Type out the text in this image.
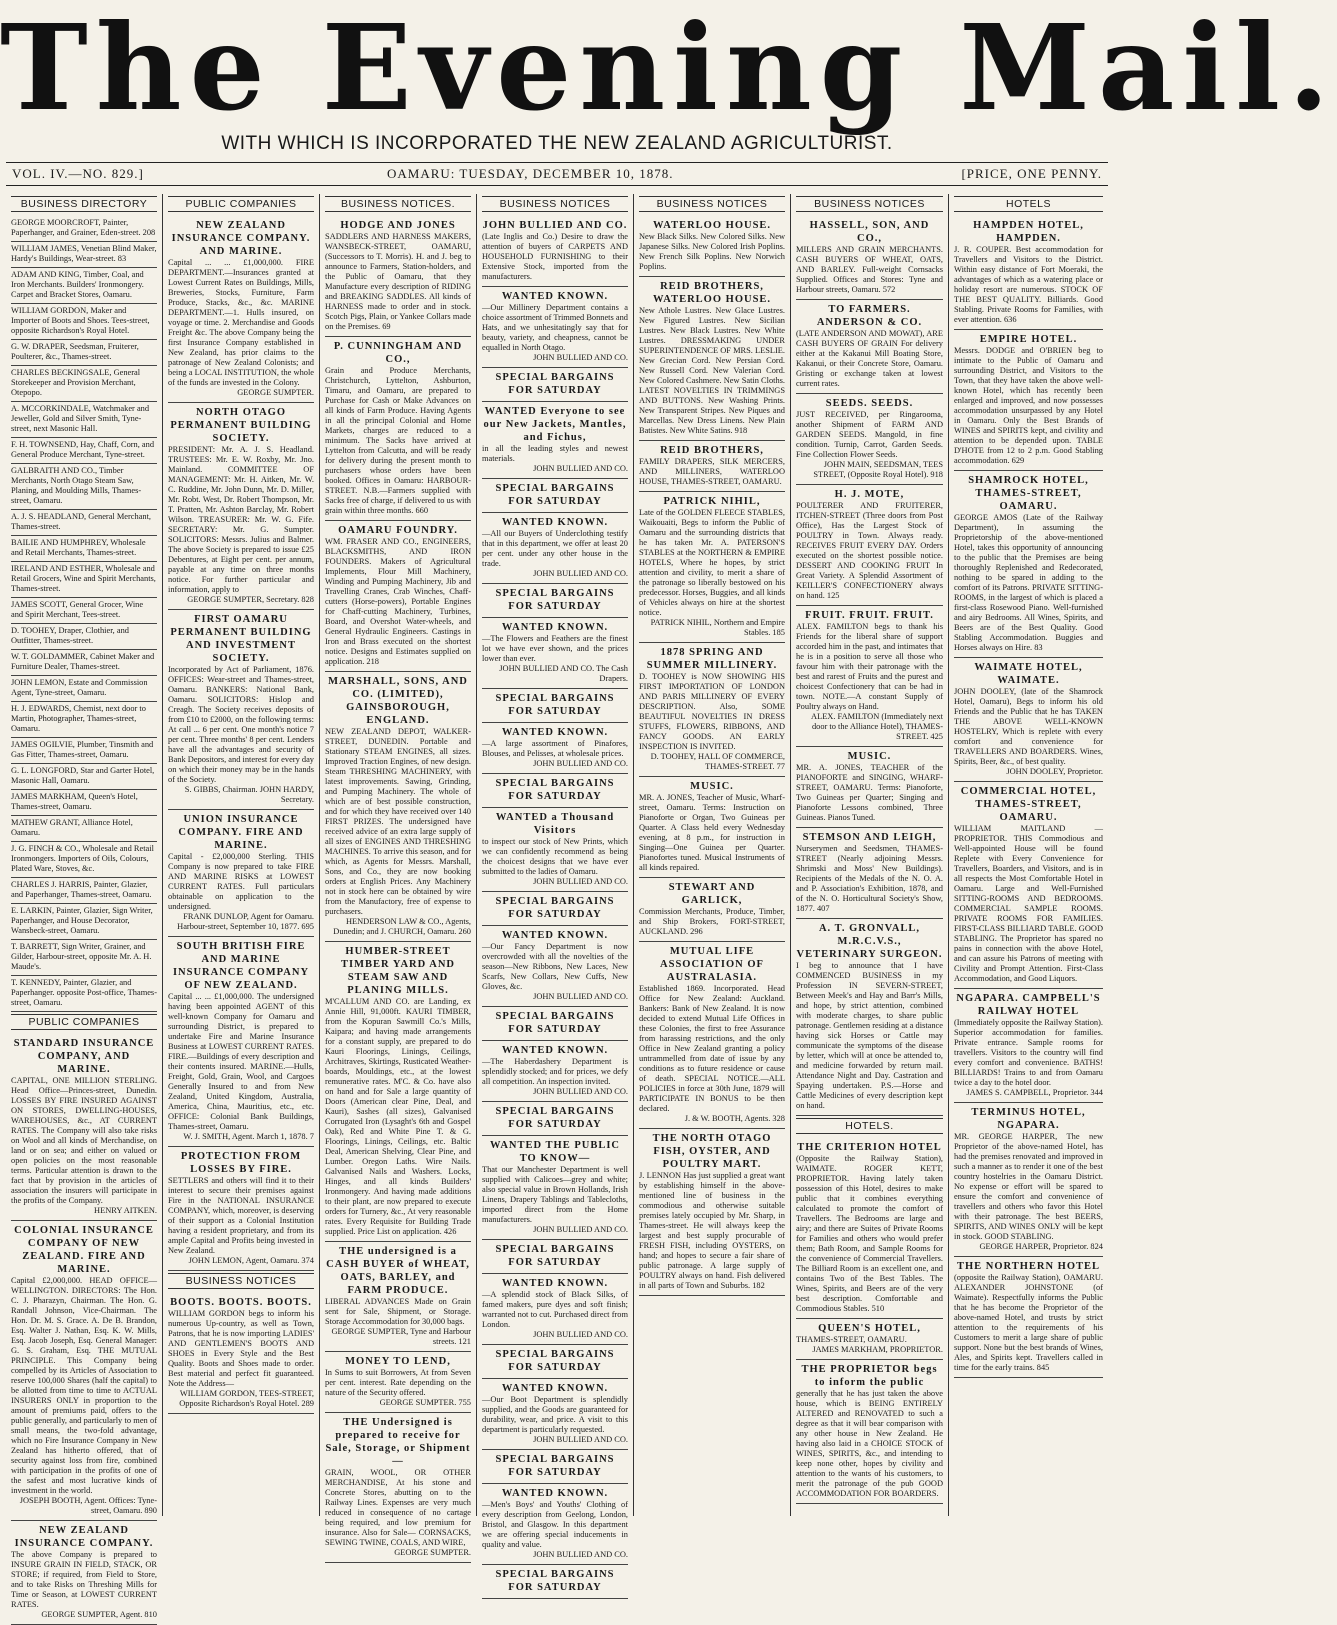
The Evening Mail.
WITH WHICH IS INCORPORATED THE NEW ZEALAND AGRICULTURIST.
VOL. IV.—NO. 829.]	OAMARU: TUESDAY, DECEMBER 10, 1878.	[PRICE, ONE PENNY.
BUSINESS DIRECTORY

GEORGE MOORCROFT, Painter, Paperhanger, and Grainer, Eden-street. 208

WILLIAM JAMES, Venetian Blind Maker, Hardy's Buildings, Wear-street. 83

ADAM AND KING, Timber, Coal, and Iron Merchants. Builders' Ironmongery. Carpet and Bracket Stores, Oamaru.

WILLIAM GORDON, Maker and Importer of Boots and Shoes. Tees-street, opposite Richardson's Royal Hotel.

G. W. DRAPER, Seedsman, Fruiterer, Poulterer, &c., Thames-street.

CHARLES BECKINGSALE, General Storekeeper and Provision Merchant, Otepopo.

A. MCCORKINDALE, Watchmaker and Jeweller, Gold and Silver Smith, Tyne-street, next Masonic Hall.

F. H. TOWNSEND, Hay, Chaff, Corn, and General Produce Merchant, Tyne-street.

GALBRAITH AND CO., Timber Merchants, North Otago Steam Saw, Planing, and Moulding Mills, Thames-street, Oamaru.

A. J. S. HEADLAND, General Merchant, Thames-street.

BAILIE AND HUMPHREY, Wholesale and Retail Merchants, Thames-street.

IRELAND AND ESTHER, Wholesale and Retail Grocers, Wine and Spirit Merchants, Thames-street.

JAMES SCOTT, General Grocer, Wine and Spirit Merchant, Tees-street.

D. TOOHEY, Draper, Clothier, and Outfitter, Thames-street.

W. T. GOLDAMMER, Cabinet Maker and Furniture Dealer, Thames-street.

JOHN LEMON, Estate and Commission Agent, Tyne-street, Oamaru.

H. J. EDWARDS, Chemist, next door to Martin, Photographer, Thames-street, Oamaru.

JAMES OGILVIE, Plumber, Tinsmith and Gas Fitter, Thames-street, Oamaru.

G. L. LONGFORD, Star and Garter Hotel, Masonic Hall, Oamaru.

JAMES MARKHAM, Queen's Hotel, Thames-street, Oamaru.

MATHEW GRANT, Alliance Hotel, Oamaru.

J. G. FINCH & CO., Wholesale and Retail Ironmongers. Importers of Oils, Colours, Plated Ware, Stoves, &c.

CHARLES J. HARRIS, Painter, Glazier, and Paperhanger, Thames-street, Oamaru.

E. LARKIN, Painter, Glazier, Sign Writer, Paperhanger, and House Decorator, Wansbeck-street, Oamaru.

T. BARRETT, Sign Writer, Grainer, and Gilder, Harbour-street, opposite Mr. A. H. Maude's.

T. KENNEDY, Painter, Glazier, and Paperhanger. opposite Post-office, Thames-street, Oamaru.

PUBLIC COMPANIES
STANDARD INSURANCE COMPANY, AND MARINE.
CAPITAL, ONE MILLION STERLING. Head Office—Princes-street, Dunedin. LOSSES BY FIRE INSURED AGAINST ON STORES, DWELLING-HOUSES, WAREHOUSES, &c., AT CURRENT RATES. The Company will also take risks on Wool and all kinds of Merchandise, on land or on sea; and either on valued or open policies on the most reasonable terms. Particular attention is drawn to the fact that by provision in the articles of association the insurers will participate in the profits of the Company.
HENRY AITKEN.
COLONIAL INSURANCE COMPANY OF NEW ZEALAND. FIRE AND MARINE.
Capital £2,000,000. HEAD OFFICE—WELLINGTON. DIRECTORS: The Hon. C. J. Pharazyn, Chairman. The Hon. G. Randall Johnson, Vice-Chairman. The Hon. Dr. M. S. Grace. A. De B. Brandon, Esq. Walter J. Nathan, Esq. K. W. Mills, Esq. Jacob Joseph, Esq. General Manager: G. S. Graham, Esq. THE MUTUAL PRINCIPLE. This Company being compelled by its Articles of Association to reserve 100,000 Shares (half the capital) to be allotted from time to time to ACTUAL INSURERS ONLY in proportion to the amount of premiums paid, offers to the public generally, and particularly to men of small means, the two-fold advantage, which no Fire Insurance Company in New Zealand has hitherto offered, that of security against loss from fire, combined with participation in the profits of one of the safest and most lucrative kinds of investment in the world.
JOSEPH BOOTH, Agent. Offices: Tyne-street, Oamaru. 890
NEW ZEALAND INSURANCE COMPANY.
The above Company is prepared to INSURE GRAIN IN FIELD, STACK, OR STORE; if required, from Field to Store, and to take Risks on Threshing Mills for Time or Season, at LOWEST CURRENT RATES.
GEORGE SUMPTER, Agent. 810
PUBLIC COMPANIES
NEW ZEALAND INSURANCE COMPANY. AND MARINE.
Capital ... ... £1,000,000. FIRE DEPARTMENT.—Insurances granted at Lowest Current Rates on Buildings, Mills, Breweries, Stocks, Furniture, Farm Produce, Stacks, &c., &c. MARINE DEPARTMENT.—1. Hulls insured, on voyage or time. 2. Merchandise and Goods Freight &c. The above Company being the first Insurance Company established in New Zealand, has prior claims to the patronage of New Zealand Colonists; and being a LOCAL INSTITUTION, the whole of the funds are invested in the Colony.
GEORGE SUMPTER.
NORTH OTAGO PERMANENT BUILDING SOCIETY.
PRESIDENT: Mr. A. J. S. Headland. TRUSTEES: Mr. E. W. Roxby, Mr. Jno. Mainland. COMMITTEE OF MANAGEMENT: Mr. H. Aitken, Mr. W. C. Ruddine, Mr. John Dunn, Mr. D. Miller, Mr. Robt. West, Dr. Robert Thompson, Mr. T. Pratten, Mr. Ashton Barclay, Mr. Robert Wilson. TREASURER: Mr. W. G. Fife. SECRETARY: Mr. G. Sumpter. SOLICITORS: Messrs. Julius and Balmer. The above Society is prepared to issue £25 Debentures, at Eight per cent. per annum, payable at any time on three months notice. For further particular and information, apply to
GEORGE SUMPTER, Secretary. 828
FIRST OAMARU PERMANENT BUILDING AND INVESTMENT SOCIETY.
Incorporated by Act of Parliament, 1876. OFFICES: Wear-street and Thames-street, Oamaru. BANKERS: National Bank, Oamaru. SOLICITORS: Hislop and Creagh. The Society receives deposits of from £10 to £2000, on the following terms: At call ... 6 per cent. One month's notice 7 per cent. Three months' 8 per cent. Lenders have all the advantages and security of Bank Depositors, and interest for every day on which their money may be in the hands of the Society.
S. GIBBS, Chairman. JOHN HARDY, Secretary.
UNION INSURANCE COMPANY. FIRE AND MARINE.
Capital - £2,000,000 Sterling. THIS Company is now prepared to take FIRE AND MARINE RISKS at LOWEST CURRENT RATES. Full particulars obtainable on application to the undersigned.
FRANK DUNLOP, Agent for Oamaru. Harbour-street, September 10, 1877. 695
SOUTH BRITISH FIRE AND MARINE INSURANCE COMPANY OF NEW ZEALAND.
Capital ... ... £1,000,000. The undersigned having been appointed AGENT of this well-known Company for Oamaru and surrounding District, is prepared to undertake Fire and Marine Insurance Business at LOWEST CURRENT RATES. FIRE.—Buildings of every description and their contents insured. MARINE.—Hulls, Freight, Gold, Grain, Wool, and Cargoes Generally Insured to and from New Zealand, United Kingdom, Australia, America, China, Mauritius, etc., etc. OFFICE: Colonial Bank Buildings, Thames-street, Oamaru.
W. J. SMITH, Agent. March 1, 1878. 7
PROTECTION FROM LOSSES BY FIRE.
SETTLERS and others will find it to their interest to secure their premises against Fire in the NATIONAL INSURANCE COMPANY, which, moreover, is deserving of their support as a Colonial Institution having a resident proprietary, and from its ample Capital and Profits being invested in New Zealand.
JOHN LEMON, Agent, Oamaru. 374
BUSINESS NOTICES
BOOTS. BOOTS. BOOTS.
WILLIAM GORDON begs to inform his numerous Up-country, as well as Town, Patrons, that he is now importing LADIES' AND GENTLEMEN'S BOOTS AND SHOES in Every Style and the Best Quality. Boots and Shoes made to order. Best material and perfect fit guaranteed. Note the Address—
WILLIAM GORDON, TEES-STREET, Opposite Richardson's Royal Hotel. 289
BUSINESS NOTICES.
HODGE AND JONES
SADDLERS AND HARNESS MAKERS, WANSBECK-STREET, OAMARU, (Successors to T. Morris). H. and J. beg to announce to Farmers, Station-holders, and the Public of Oamaru, that they Manufacture every description of RIDING and BREAKING SADDLES. All kinds of HARNESS made to order and in stock. Scotch Pigs, Plain, or Yankee Collars made on the Premises. 69
P. CUNNINGHAM AND CO.,
Grain and Produce Merchants, Christchurch, Lyttelton, Ashburton, Timaru, and Oamaru, are prepared to Purchase for Cash or Make Advances on all kinds of Farm Produce. Having Agents in all the principal Colonial and Home Markets, charges are reduced to a minimum. The Sacks have arrived at Lyttelton from Calcutta, and will be ready for delivery during the present month to purchasers whose orders have been booked. Offices in Oamaru: HARBOUR-STREET. N.B.—Farmers supplied with Sacks free of charge, if delivered to us with grain within three months. 660
OAMARU FOUNDRY.
WM. FRASER AND CO., ENGINEERS, BLACKSMITHS, AND IRON FOUNDERS. Makers of Agricultural Implements, Flour Mill Machinery, Winding and Pumping Machinery, Jib and Travelling Cranes, Crab Winches, Chaff-cutters (Horse-powers), Portable Engines for Chaff-cutting Machinery, Turbines, Board, and Overshot Water-wheels, and General Hydraulic Engineers. Castings in Iron and Brass executed on the shortest notice. Designs and Estimates supplied on application. 218
MARSHALL, SONS, AND CO. (LIMITED), GAINSBOROUGH, ENGLAND.
NEW ZEALAND DEPOT, WALKER-STREET, DUNEDIN. Portable and Stationary STEAM ENGINES, all sizes. Improved Traction Engines, of new design. Steam THRESHING MACHINERY, with latest improvements. Sawing, Grinding, and Pumping Machinery. The whole of which are of best possible construction, and for which they have received over 140 FIRST PRIZES. The undersigned have received advice of an extra large supply of all sizes of ENGINES AND THRESHING MACHINES. To arrive this season, and for which, as Agents for Messrs. Marshall, Sons, and Co., they are now booking orders at English Prices. Any Machinery not in stock here can be obtained by wire from the Manufactory, free of expense to purchasers.
HENDERSON LAW & CO., Agents, Dunedin; and J. CHURCH, Oamaru. 260
HUMBER-STREET TIMBER YARD AND STEAM SAW AND PLANING MILLS.
M'CALLUM AND CO. are Landing, ex Annie Hill, 91,000ft. KAURI TIMBER, from the Kopuran Sawmill Co.'s Mills, Kaipara; and having made arrangements for a constant supply, are prepared to do Kauri Floorings, Linings, Ceilings, Architraves, Skirtings, Rusticated Weather-boards, Mouldings, etc., at the lowest remunerative rates. M'C. & Co. have also on hand and for Sale a large quantity of Doors (American clear Pine, Deal, and Kauri), Sashes (all sizes), Galvanised Corrugated Iron (Lysaght's 6th and Gospel Oak), Red and White Pine T. & G. Floorings, Linings, Ceilings, etc. Baltic Deal, American Shelving, Clear Pine, and Lumber. Oregon Laths. Wire Nails. Galvanised Nails and Washers. Locks, Hinges, and all kinds Builders' Ironmongery. And having made additions to their plant, are now prepared to execute orders for Turnery, &c., At very reasonable rates. Every Requisite for Building Trade supplied. Price List on application. 426
THE undersigned is a CASH BUYER of WHEAT, OATS, BARLEY, and FARM PRODUCE.
LIBERAL ADVANCES Made on Grain sent for Sale, Shipment, or Storage. Storage Accommodation for 30,000 bags.
GEORGE SUMPTER, Tyne and Harbour streets. 121
MONEY TO LEND,
In Sums to suit Borrowers, At from Seven per cent. interest. Rate depending on the nature of the Security offered.
GEORGE SUMPTER. 755
THE Undersigned is prepared to receive for Sale, Storage, or Shipment—
GRAIN, WOOL, OR OTHER MERCHANDISE, At his stone and Concrete Stores, abutting on to the Railway Lines. Expenses are very much reduced in consequence of no cartage being required, and low premium for insurance. Also for Sale— CORNSACKS, SEWING TWINE, COALS, AND WIRE,
GEORGE SUMPTER.
BUSINESS NOTICES
JOHN BULLIED AND CO.
(Late Inglis and Co.) Desire to draw the attention of buyers of CARPETS AND HOUSEHOLD FURNISHING to their Extensive Stock, imported from the manufacturers.
WANTED KNOWN.
—Our Millinery Department contains a choice assortment of Trimmed Bonnets and Hats, and we unhesitatingly say that for beauty, variety, and cheapness, cannot be equalled in North Otago.
JOHN BULLIED AND CO.
SPECIAL BARGAINS FOR SATURDAY
WANTED Everyone to see our New Jackets, Mantles, and Fichus,
in all the leading styles and newest materials.
JOHN BULLIED AND CO.
SPECIAL BARGAINS FOR SATURDAY
WANTED KNOWN.
—All our Buyers of Underclothing testify that in this department, we offer at least 20 per cent. under any other house in the trade.
JOHN BULLIED AND CO.
SPECIAL BARGAINS FOR SATURDAY
WANTED KNOWN.
—The Flowers and Feathers are the finest lot we have ever shown, and the prices lower than ever.
JOHN BULLIED AND CO. The Cash Drapers.
SPECIAL BARGAINS FOR SATURDAY
WANTED KNOWN.
—A large assortment of Pinafores, Blouses, and Pelisses, at wholesale prices.
JOHN BULLIED AND CO.
SPECIAL BARGAINS FOR SATURDAY
WANTED a Thousand Visitors
to inspect our stock of New Prints, which we can confidently recommend as being the choicest designs that we have ever submitted to the ladies of Oamaru.
JOHN BULLIED AND CO.
SPECIAL BARGAINS FOR SATURDAY
WANTED KNOWN.
—Our Fancy Department is now overcrowded with all the novelties of the season—New Ribbons, New Laces, New Scarfs, New Collars, New Cuffs, New Gloves, &c.
JOHN BULLIED AND CO.
SPECIAL BARGAINS FOR SATURDAY
WANTED KNOWN.
—The Haberdashery Department is splendidly stocked; and for prices, we defy all competition. An inspection invited.
JOHN BULLIED AND CO.
SPECIAL BARGAINS FOR SATURDAY
WANTED THE PUBLIC TO KNOW—
That our Manchester Department is well supplied with Calicoes—grey and white; also special value in Brown Hollands, Irish Linens, Drapery Tablings and Tablecloths, imported direct from the Home manufacturers.
JOHN BULLIED AND CO.
SPECIAL BARGAINS FOR SATURDAY
WANTED KNOWN.
—A splendid stock of Black Silks, of famed makers, pure dyes and soft finish; warranted not to cut. Purchased direct from London.
JOHN BULLIED AND CO.
SPECIAL BARGAINS FOR SATURDAY
WANTED KNOWN.
—Our Boot Department is splendidly supplied, and the Goods are guaranteed for durability, wear, and price. A visit to this department is particularly requested.
JOHN BULLIED AND CO.
SPECIAL BARGAINS FOR SATURDAY
WANTED KNOWN.
—Men's Boys' and Youths' Clothing of every description from Geelong, London, Bristol, and Glasgow. In this department we are offering special inducements in quality and value.
JOHN BULLIED AND CO.
SPECIAL BARGAINS FOR SATURDAY
BUSINESS NOTICES
WATERLOO HOUSE.
New Black Silks. New Colored Silks. New Japanese Silks. New Colored Irish Poplins. New French Silk Poplins. New Norwich Poplins.
REID BROTHERS, WATERLOO HOUSE.
New Athole Lustres. New Glace Lustres. New Figured Lustres. New Sicilian Lustres. New Black Lustres. New White Lustres. DRESSMAKING UNDER SUPERINTENDENCE OF MRS. LESLIE. New Grecian Cord. New Persian Cord. New Russell Cord. New Valerian Cord. New Colored Cashmere. New Satin Cloths. LATEST NOVELTIES IN TRIMMINGS AND BUTTONS. New Washing Prints. New Transparent Stripes. New Piques and Marcellas. New Dress Linens. New Plain Batistes. New White Satins. 918
REID BROTHERS,
FAMILY DRAPERS, SILK MERCERS, AND MILLINERS, WATERLOO HOUSE, THAMES-STREET, OAMARU.
PATRICK NIHIL,
Late of the GOLDEN FLEECE STABLES, Waikouaiti, Begs to inform the Public of Oamaru and the surrounding districts that he has taken Mr. A. PATERSON'S STABLES at the NORTHERN & EMPIRE HOTELS, Where he hopes, by strict attention and civility, to merit a share of the patronage so liberally bestowed on his predecessor. Horses, Buggies, and all kinds of Vehicles always on hire at the shortest notice.
PATRICK NIHIL, Northern and Empire Stables. 185
1878 SPRING AND SUMMER MILLINERY.
D. TOOHEY is NOW SHOWING HIS FIRST IMPORTATION OF LONDON AND PARIS MILLINERY OF EVERY DESCRIPTION. Also, SOME BEAUTIFUL NOVELTIES IN DRESS STUFFS, FLOWERS, RIBBONS, AND FANCY GOODS. AN EARLY INSPECTION IS INVITED.
D. TOOHEY, HALL OF COMMERCE, THAMES-STREET. 77
MUSIC.
MR. A. JONES, Teacher of Music, Wharf-street, Oamaru. Terms: Instruction on Pianoforte or Organ, Two Guineas per Quarter. A Class held every Wednesday evening, at 8 p.m., for instruction in Singing—One Guinea per Quarter. Pianofortes tuned. Musical Instruments of all kinds repaired.
STEWART AND GARLICK,
Commission Merchants, Produce, Timber, and Ship Brokers, FORT-STREET, AUCKLAND. 296
MUTUAL LIFE ASSOCIATION OF AUSTRALASIA.
Established 1869. Incorporated. Head Office for New Zealand: Auckland. Bankers: Bank of New Zealand. It is now decided to extend Mutual Life Offices in these Colonies, the first to free Assurance from harassing restrictions, and the only Office in New Zealand granting a policy untrammelled from date of issue by any conditions as to future residence or cause of death. SPECIAL NOTICE.—ALL POLICIES in force at 30th June, 1879 will PARTICIPATE IN BONUS to be then declared.
J. & W. BOOTH, Agents. 328
THE NORTH OTAGO FISH, OYSTER, AND POULTRY MART.
J. LENNON Has just supplied a great want by establishing himself in the above-mentioned line of business in the commodious and otherwise suitable premises lately occupied by Mr. Sharp, in Thames-street. He will always keep the largest and best supply procurable of FRESH FISH, including OYSTERS, on hand; and hopes to secure a fair share of public patronage. A large supply of POULTRY always on hand. Fish delivered in all parts of Town and Suburbs. 182
BUSINESS NOTICES
HASSELL, SON, AND CO.,
MILLERS AND GRAIN MERCHANTS. CASH BUYERS OF WHEAT, OATS, AND BARLEY. Full-weight Cornsacks Supplied. Offices and Stores: Tyne and Harbour streets, Oamaru. 572
TO FARMERS. ANDERSON & CO.
(LATE ANDERSON AND MOWAT), ARE CASH BUYERS OF GRAIN For delivery either at the Kakanui Mill Boating Store, Kakanui, or their Concrete Store, Oamaru. Gristing or exchange taken at lowest current rates.
SEEDS. SEEDS.
JUST RECEIVED, per Ringarooma, another Shipment of FARM AND GARDEN SEEDS. Mangold, in fine condition. Turnip, Carrot, Garden Seeds. Fine Collection Flower Seeds.
JOHN MAIN, SEEDSMAN, TEES STREET, (Opposite Royal Hotel). 918
H. J. MOTE,
POULTERER AND FRUITERER, ITCHEN-STREET (Three doors from Post Office), Has the Largest Stock of POULTRY in Town. Always ready. RECEIVES FRUIT EVERY DAY. Orders executed on the shortest possible notice. DESSERT AND COOKING FRUIT In Great Variety. A Splendid Assortment of KEILLER'S CONFECTIONERY always on hand. 125
FRUIT. FRUIT. FRUIT.
ALEX. FAMILTON begs to thank his Friends for the liberal share of support accorded him in the past, and intimates that he is in a position to serve all those who favour him with their patronage with the best and rarest of Fruits and the purest and choicest Confectionery that can be had in town. NOTE.—A constant Supply of Poultry always on Hand.
ALEX. FAMILTON (Immediately next door to the Alliance Hotel), THAMES-STREET. 425
MUSIC.
MR. A. JONES, TEACHER of the PIANOFORTE and SINGING, WHARF-STREET, OAMARU. Terms: Pianoforte, Two Guineas per Quarter; Singing and Pianoforte Lessons combined, Three Guineas. Pianos Tuned.
STEMSON AND LEIGH,
Nurserymen and Seedsmen, THAMES-STREET (Nearly adjoining Messrs. Shrimski and Moss' New Buildings). Recipients of the Medals of the N. O. A. and P. Association's Exhibition, 1878, and of the N. O. Horticultural Society's Show, 1877. 407
A. T. GRONVALL, M.R.C.V.S., VETERINARY SURGEON.
I beg to announce that I have COMMENCED BUSINESS in my Profession IN SEVERN-STREET, Between Meek's and Hay and Barr's Mills, and hope, by strict attention, combined with moderate charges, to share public patronage. Gentlemen residing at a distance having sick Horses or Cattle may communicate the symptoms of the disease by letter, which will at once be attended to, and medicine forwarded by return mail. Attendance Night and Day. Castration and Spaying undertaken. P.S.—Horse and Cattle Medicines of every description kept on hand.
HOTELS.
THE CRITERION HOTEL
(Opposite the Railway Station), WAIMATE. ROGER KETT, PROPRIETOR. Having lately taken possession of this Hotel, desires to make public that it combines everything calculated to promote the comfort of Travellers. The Bedrooms are large and airy; and there are Suites of Private Rooms for Families and others who would prefer them; Bath Room, and Sample Rooms for the convenience of Commercial Travellers. The Billiard Room is an excellent one, and contains Two of the Best Tables. The Wines, Spirits, and Beers are of the very best description. Comfortable and Commodious Stables. 510
QUEEN'S HOTEL,
THAMES-STREET, OAMARU.
JAMES MARKHAM, PROPRIETOR.
THE PROPRIETOR begs to inform the public
generally that he has just taken the above house, which is BEING ENTIRELY ALTERED and RENOVATED to such a degree as that it will bear comparison with any other house in New Zealand. He having also laid in a CHOICE STOCK of WINES, SPIRITS, &c., and intending to keep none other, hopes by civility and attention to the wants of his customers, to merit the patronage of the pub GOOD ACCOMMODATION FOR BOARDERS.
HOTELS
HAMPDEN HOTEL, HAMPDEN.
J. R. COUPER. Best accommodation for Travellers and Visitors to the District. Within easy distance of Fort Moeraki, the advantages of which as a watering place or holiday resort are numerous. STOCK OF THE BEST QUALITY. Billiards. Good Stabling. Private Rooms for Families, with ever attention. 636
EMPIRE HOTEL.
Messrs. DODGE and O'BRIEN beg to intimate to the Public of Oamaru and surrounding District, and Visitors to the Town, that they have taken the above well-known Hotel, which has recently been enlarged and improved, and now possesses accommodation unsurpassed by any Hotel in Oamaru. Only the Best Brands of WINES and SPIRITS kept, and civility and attention to be depended upon. TABLE D'HOTE from 12 to 2 p.m. Good Stabling accommodation. 629
SHAMROCK HOTEL, THAMES-STREET, OAMARU.
GEORGE AMOS (Late of the Railway Department), In assuming the Proprietorship of the above-mentioned Hotel, takes this opportunity of announcing to the public that the Premises are being thoroughly Replenished and Redecorated, nothing to be spared in adding to the comfort of its Patrons. PRIVATE SITTING-ROOMS, in the largest of which is placed a first-class Rosewood Piano. Well-furnished and airy Bedrooms. All Wines, Spirits, and Beers are of the Best Quality. Good Stabling Accommodation. Buggies and Horses always on Hire. 83
WAIMATE HOTEL, WAIMATE.
JOHN DOOLEY, (late of the Shamrock Hotel, Oamaru), Begs to inform his old Friends and the Public that he has TAKEN THE ABOVE WELL-KNOWN HOSTELRY, Which is replete with every comfort and convenience for TRAVELLERS AND BOARDERS. Wines, Spirits, Beer, &c., of best quality.
JOHN DOOLEY, Proprietor.
COMMERCIAL HOTEL, THAMES-STREET, OAMARU.
WILLIAM MAITLAND — PROPRIETOR. THIS Commodious and Well-appointed House will be found Replete with Every Convenience for Travellers, Boarders, and Visitors, and is in all respects the Most Comfortable Hotel in Oamaru. Large and Well-Furnished SITTING-ROOMS AND BEDROOMS. COMMERCIAL SAMPLE ROOMS. PRIVATE ROOMS FOR FAMILIES. FIRST-CLASS BILLIARD TABLE. GOOD STABLING. The Proprietor has spared no pains in connection with the above Hotel, and can assure his Patrons of meeting with Civility and Prompt Attention. First-Class Accommodation, and Good Liquors.
NGAPARA. CAMPBELL'S RAILWAY HOTEL
(Immediately opposite the Railway Station). Superior accommodation for families. Private entrance. Sample rooms for travellers. Visitors to the country will find every comfort and convenience. BATHS! BILLIARDS! Trains to and from Oamaru twice a day to the hotel door.
JAMES S. CAMPBELL, Proprietor. 344
TERMINUS HOTEL, NGAPARA.
MR. GEORGE HARPER, The new Proprietor of the above-named Hotel, has had the premises renovated and improved in such a manner as to render it one of the best country hostelries in the Oamaru District. No expense or effort will be spared to ensure the comfort and convenience of travellers and others who favor this Hotel with their patronage. The best BEERS, SPIRITS, AND WINES ONLY will be kept in stock. GOOD STABLING.
GEORGE HARPER, Proprietor. 824
THE NORTHERN HOTEL
(opposite the Railway Station), OAMARU. ALEXANDER JOHNSTONE (of Waimate). Respectfully informs the Public that he has become the Proprietor of the above-named Hotel, and trusts by strict attention to the requirements of his Customers to merit a large share of public support. None but the best brands of Wines, Ales, and Spirits kept. Travellers called in time for the early trains. 845
